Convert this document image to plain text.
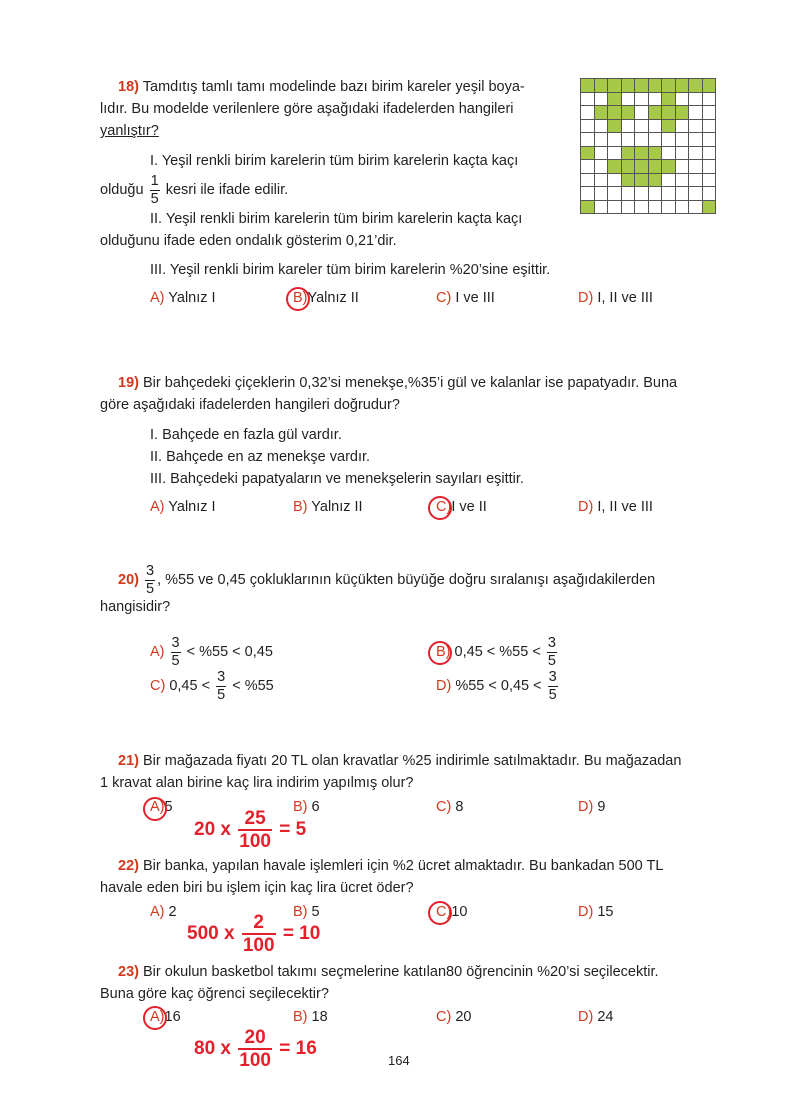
18) Tamdıtış tamlı tamı modelinde bazı birim kareler yeşil boya-
lıdır. Bu modelde verilenlere göre aşağıdaki ifadelerden hangileri
yanlıştır?
I. Yeşil renkli birim karelerin tüm birim karelerin kaçta kaçı
olduğu $\frac{1}{5}$ kesri ile ifade edilir.
II. Yeşil renkli birim karelerin tüm birim karelerin kaçta kaçı
olduğunu ifade eden ondalık gösterim 0,21’dir.
III. Yeşil renkli birim kareler tüm birim karelerin %20’sine eşittir.
A) Yalnız I	B)Yalnız II	C) I ve III	D) I, II ve III
19) Bir bahçedeki çiçeklerin 0,32’si menekşe,%35’i gül ve kalanlar ise papatyadır. Buna
göre aşağıdaki ifadelerden hangileri doğrudur?
I. Bahçede en fazla gül vardır.
II. Bahçede en az menekşe vardır.
III. Bahçedeki papatyaların ve menekşelerin sayıları eşittir.
A) Yalnız I	B) Yalnız II	C)I ve II	D) I, II ve III
$20) \frac{3}{5}$ , %55 ve 0,45 çokluklarının küçükten büyüğe doğru sıralanışı aşağıdakilerden
hangisidir?
$A) \frac{3}{5} < \%55 < 0,45$	B) $0,45 < \%55 < \frac{3}{5}$
C) $0,45 < \frac{3}{5} < \%55$	D) $\%55 < 0,45 < \frac{3}{5}$
21) Bir mağazada fiyatı 20 TL olan kravatlar %25 indirimle satılmaktadır. Bu mağazadan
1 kravat alan birine kaç lira indirim yapılmış olur?
A)5	B) 6	C) 8	D) 9
20 x $\frac{25}{100} = 5$
22) Bir banka, yapılan havale işlemleri için %2 ücret almaktadır. Bu bankadan 500 TL
havale eden biri bu işlem için kaç lira ücret öder?
A) 2	B) 5	C)10	D) 15
500 x $\frac{2}{100} = 10$
23) Bir okulun basketbol takımı seçmelerine katılan80 öğrencinin %20’si seçilecektir.
Buna göre kaç öğrenci seçilecektir?
A)16	B) 18	C) 20	D) 24
80 x $\frac{20}{100} = 16$
164
